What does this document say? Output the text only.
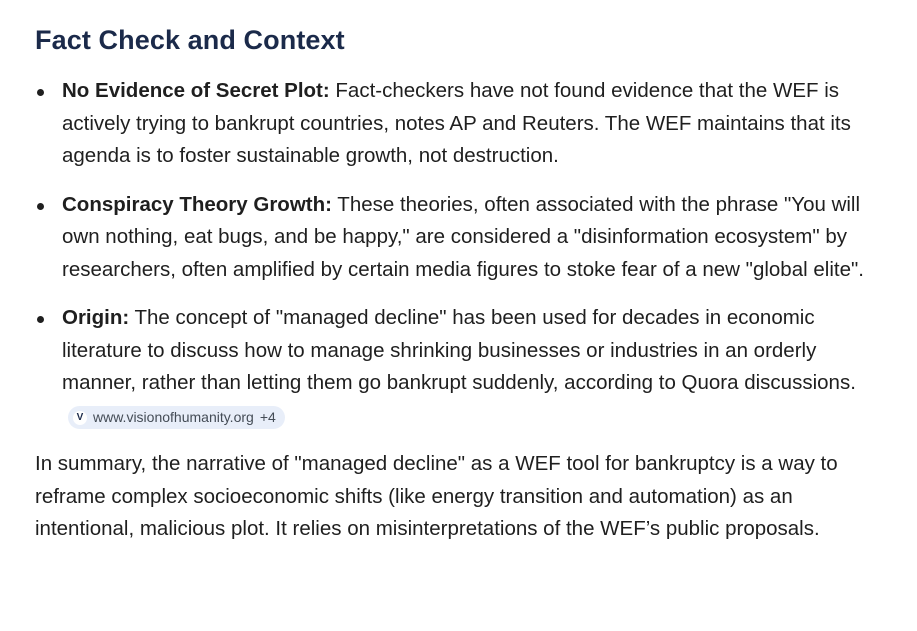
Fact Check and Context
No Evidence of Secret Plot: Fact-checkers have not found evidence that the WEF is actively trying to bankrupt countries, notes AP and Reuters. The WEF maintains that its agenda is to foster sustainable growth, not destruction.
Conspiracy Theory Growth: These theories, often associated with the phrase "You will own nothing, eat bugs, and be happy," are considered a "disinformation ecosystem" by researchers, often amplified by certain media figures to stoke fear of a new "global elite".
Origin: The concept of "managed decline" has been used for decades in economic literature to discuss how to manage shrinking businesses or industries in an orderly manner, rather than letting them go bankrupt suddenly, according to Quora discussions.
V www.visionofhumanity.org +4

In summary, the narrative of "managed decline" as a WEF tool for bankruptcy is a way to reframe complex socioeconomic shifts (like energy transition and automation) as an intentional, malicious plot. It relies on misinterpretations of the WEF’s public proposals.
